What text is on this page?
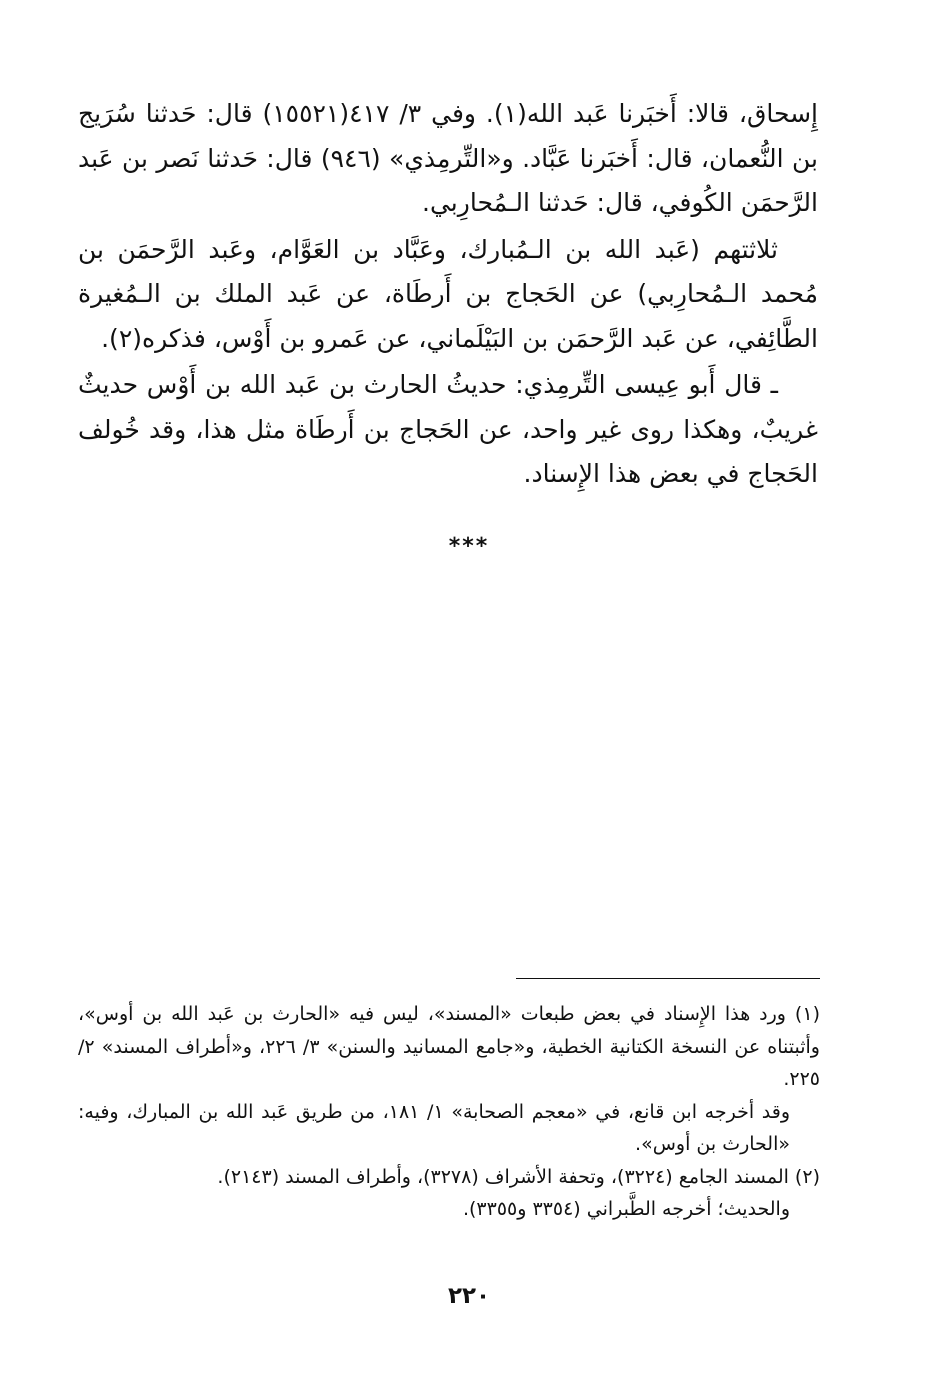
إِسحاق، قالا: أَخبَرنا عَبد الله(١). وفي ٣/ ٤١٧(١٥٥٢١) قال: حَدثنا سُرَيج بن النُّعمان، قال: أَخبَرنا عَبَّاد. و«التِّرمِذي» (٩٤٦) قال: حَدثنا نَصر بن عَبد الرَّحمَن الكُوفي، قال: حَدثنا الـمُحارِبي.

ثلاثتهم (عَبد الله بن الـمُبارك، وعَبَّاد بن العَوَّام، وعَبد الرَّحمَن بن مُحمد الـمُحارِبي) عن الحَجاج بن أَرطَاة، عن عَبد الملك بن الـمُغيرة الطَّائِفي، عن عَبد الرَّحمَن بن البَيْلَماني، عن عَمرو بن أَوْس، فذكره(٢).

ـ قال أَبو عِيسى التِّرمِذي: حديثُ الحارث بن عَبد الله بن أَوْس حديثٌ غريبٌ، وهكذا روى غير واحد، عن الحَجاج بن أَرطَاة مثل هذا، وقد خُولف الحَجاج في بعض هذا الإِسناد.

***

(١) ورد هذا الإِسناد في بعض طبعات «المسند»، ليس فيه «الحارث بن عَبد الله بن أوس»، وأثبتناه عن النسخة الكتانية الخطية، و«جامع المسانيد والسنن» ٣/ ٢٢٦، و«أطراف المسند» ٢/ ٢٢٥.

وقد أخرجه ابن قانع، في «معجم الصحابة» ١/ ١٨١، من طريق عَبد الله بن المبارك، وفيه: «الحارث بن أوس».

(٢) المسند الجامع (٣٢٢٤)، وتحفة الأشراف (٣٢٧٨)، وأطراف المسند (٢١٤٣).

والحديث؛ أخرجه الطَّبراني (٣٣٥٤ و٣٣٥٥).

٢٢٠
